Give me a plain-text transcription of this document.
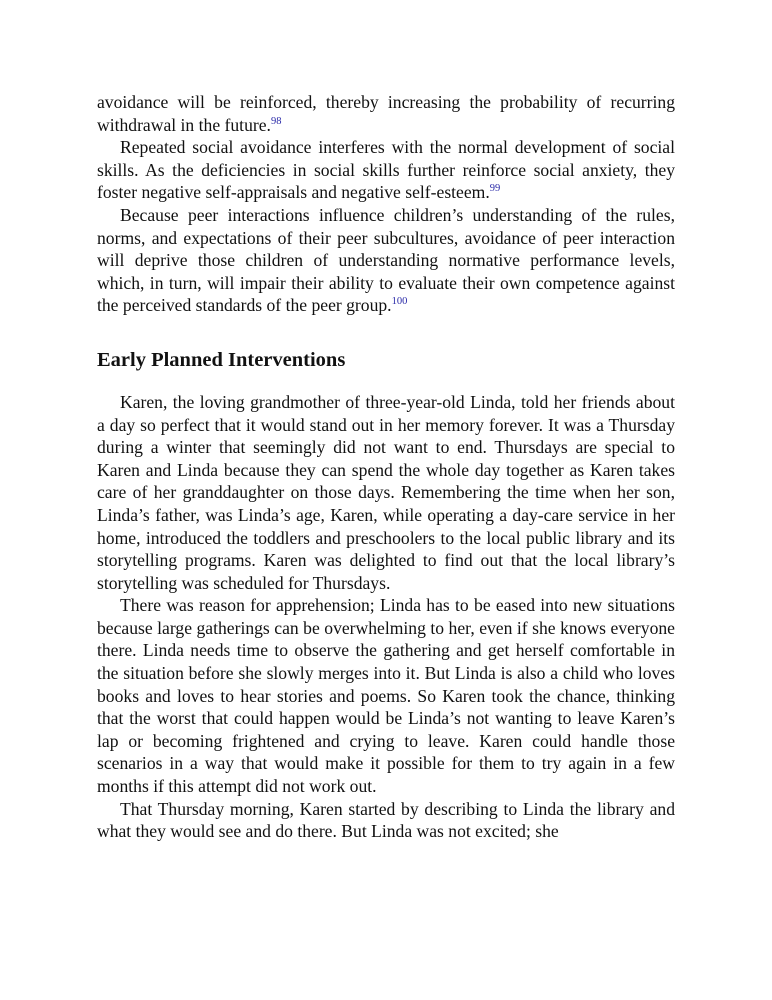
avoidance will be reinforced, thereby increasing the probability of recurring withdrawal in the future.$^{98}$

Repeated social avoidance interferes with the normal development of social skills. As the deficiencies in social skills further reinforce social anxiety, they foster negative self-appraisals and negative self-esteem.$^{99}$

Because peer interactions influence children’s understanding of the rules, norms, and expectations of their peer subcultures, avoidance of peer interaction will deprive those children of understanding normative performance levels, which, in turn, will impair their ability to evaluate their own competence against the perceived standards of the peer group.$^{100}$

Early Planned Interventions

Karen, the loving grandmother of three-year-old Linda, told her friends about a day so perfect that it would stand out in her memory forever. It was a Thursday during a winter that seemingly did not want to end. Thursdays are special to Karen and Linda because they can spend the whole day together as Karen takes care of her granddaughter on those days. Remembering the time when her son, Linda’s father, was Linda’s age, Karen, while operating a day-care service in her home, introduced the toddlers and preschoolers to the local public library and its storytelling programs. Karen was delighted to find out that the local library’s storytelling was scheduled for Thursdays.

There was reason for apprehension; Linda has to be eased into new situations because large gatherings can be overwhelming to her, even if she knows everyone there. Linda needs time to observe the gathering and get herself comfortable in the situation before she slowly merges into it. But Linda is also a child who loves books and loves to hear stories and poems. So Karen took the chance, thinking that the worst that could happen would be Linda’s not wanting to leave Karen’s lap or becoming frightened and crying to leave. Karen could handle those scenarios in a way that would make it possible for them to try again in a few months if this attempt did not work out.

That Thursday morning, Karen started by describing to Linda the library and what they would see and do there. But Linda was not excited; she
